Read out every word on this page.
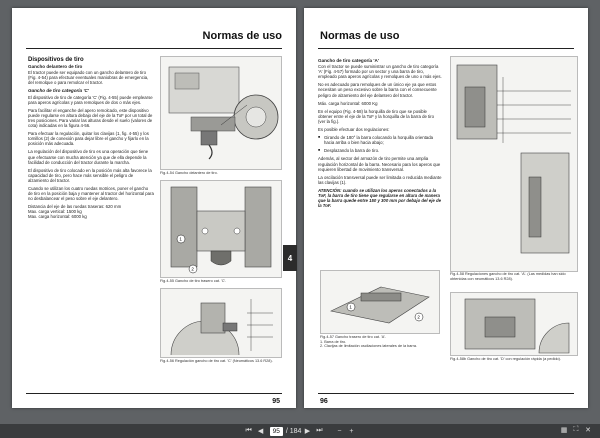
Normas de uso
Dispositivos de tiro
Gancho delantero de tiro

El tractor puede ser equipado con un gancho delantero de tiro (Fig. 4-54) para efectuar eventuales maniobras de emergencia, del remolque o para remolcar el tractor.

Gancho de tiro categoría 'C'

El dispositivo de tiro de categoría 'C' (Fig. 4-55) puede emplearse para aperos agrícolas y para remolques de dos o más ejes.

Para facilitar el enganche del apero remolcado, este dispositivo puede regularse en altura debajo del eje de la ToF por un total de tres posiciones. Para variar las alturas desde el suelo (valores de cota) indicadas en la figura 4-56.

Para efectuar la regulación, quitar los clavijas (1, fig. 4-55) y los tornillos (2) de conexión para dejar libre el gancho y fijarlo en la posición más adecuada.

La regulación del dispositivo de tiro es una operación que tiene que efectuarse con mucha atención ya que de ella depende la facilidad de conducción del tractor durante la marcha.

El dispositivo de tiro colocado en la posición más alta favorece la capacidad de tiro, pero hace más sensible el peligro de alzamiento del tractor.

Cuando se utilizan los cuatro ruedas motrices, poner el gancho de tiro en la posición baja y mantener al tractor del horizontal para no desbalancear el peso sobre el eje delantero.

Distancia del eje de las ruedas traseras: 620 mm
Max. carga vertical: 1500 kg
Max. carga horizontal: 6000 kg

Fig.4-54 Gancho delantero de tiro.
1
2
Fig.4-55 Gancho de tiro trasero cat. 'C'.
Fig.4-56 Regulación gancho de tiro cat. 'C' (Neumáticos 13.6 R28).
95
Normas de uso
Gancho de tiro categoría 'A'

Con el tractor se puede suministrar un gancho de tiro categoría 'A' (Fig. 4-57) formado por un sector y una barra de tiro, empleado para aperos agrícolas y remolques de uno o más ejes.

No es adecuado para remolques de un único eje ya que estos necesitan un peso excesivo sobre la barra con el consecuente peligro de alzamiento del eje delantero del tractor.

Máx. carga horizontal: 6000 Kg

En el equipo (Fig. 4-58) la horquilla de tiro que se posible obtener entre el eje de la ToF y la horquilla de la barra de tiro (ver la fig.).

Es posible efectuar dos regulaciones:

■ Girando de 180° la barra colocando la horquilla orientada hacia arriba o bien hacia abajo;

■ Desplazando la barra de tiro.

Además, al sector del armazón de tiro permite una amplia regulación horizontal de la barra. Necesario para los aperos que requieren libertad de movimiento transversal.

La oscilación transversal puede ser limitada o reducida mediante las clavijas (1).

ATENCIÓN: cuando se utilizan los aperos conectados a la ToF, la barra de tiro tiene que regularse en altura de manera que la barra quede entre 150 y 300 mm por debajo del eje de la ToF.

1
2
Fig.4-57 Gancho trasero de tiro cat. 'A'.
1. Barra de tiro.
2. Clavijas de limitación oscilaciones laterales de la barra.
Fig.4-58 Regulaciones gancho de tiro cat. 'A'. (Las medidas han sido obtenidas con neumáticos 13.6 R28).
Fig.4-58b Gancho de tiro cat. 'D' con regulación rápida (a pedido).
96
4
⏮ ◀	95 / 184 ▶ ⏭	−	+	▦ ⛶ ✕
